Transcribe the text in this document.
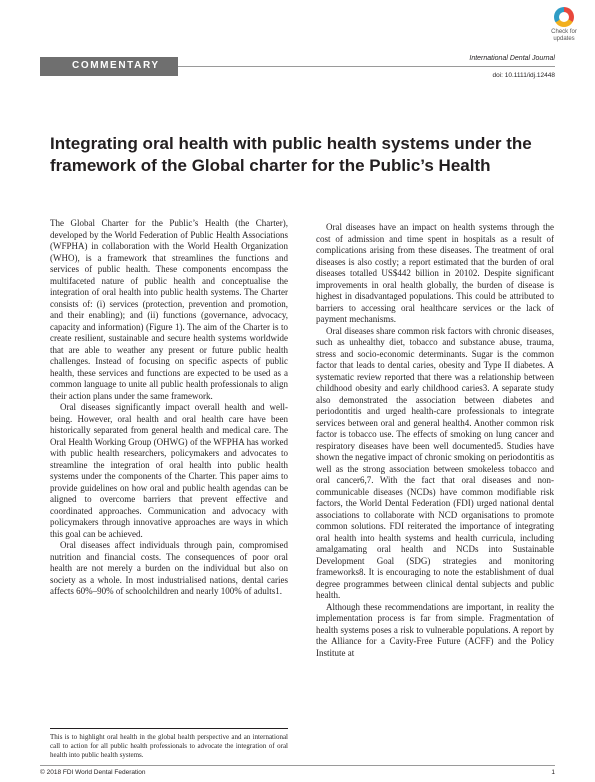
Check for
updates
COMMENTARY
International Dental Journal
doi: 10.1111/idj.12448
Integrating oral health with public health systems under the framework of the Global charter for the Public’s Health

The Global Charter for the Public’s Health (the Charter), developed by the World Federation of Public Health Associations (WFPHA) in collaboration with the World Health Organization (WHO), is a framework that streamlines the functions and services of public health. These components encompass the multifaceted nature of public health and conceptualise the integration of oral health into public health systems. The Charter consists of: (i) services (protection, prevention and promotion, and their enabling); and (ii) functions (governance, advocacy, capacity and information) (Figure 1). The aim of the Charter is to create resilient, sustainable and secure health systems worldwide that are able to weather any present or future public health challenges. Instead of focusing on specific aspects of public health, these services and functions are expected to be used as a common language to unite all public health professionals to align their action plans under the same framework.

Oral diseases significantly impact overall health and well-being. However, oral health and oral health care have been historically separated from general health and medical care. The Oral Health Working Group (OHWG) of the WFPHA has worked with public health researchers, policymakers and advocates to streamline the integration of oral health into public health systems under the components of the Charter. This paper aims to provide guidelines on how oral and public health agendas can be aligned to overcome barriers that prevent effective and coordinated approaches. Communication and advocacy with policymakers through innovative approaches are ways in which this goal can be achieved.

Oral diseases affect individuals through pain, compromised nutrition and financial costs. The consequences of poor oral health are not merely a burden on the individual but also on society as a whole. In most industrialised nations, dental caries affects 60%–90% of schoolchildren and nearly 100% of adults1.

Oral diseases have an impact on health systems through the cost of admission and time spent in hospitals as a result of complications arising from these diseases. The treatment of oral diseases is also costly; a report estimated that the burden of oral diseases totalled US$442 billion in 20102. Despite significant improvements in oral health globally, the burden of disease is highest in disadvantaged populations. This could be attributed to barriers to accessing oral healthcare services or the lack of payment mechanisms.

Oral diseases share common risk factors with chronic diseases, such as unhealthy diet, tobacco and substance abuse, trauma, stress and socio-economic determinants. Sugar is the common factor that leads to dental caries, obesity and Type II diabetes. A systematic review reported that there was a relationship between childhood obesity and early childhood caries3. A separate study also demonstrated the association between diabetes and periodontitis and urged health-care professionals to integrate services between oral and general health4. Another common risk factor is tobacco use. The effects of smoking on lung cancer and respiratory diseases have been well documented5. Studies have shown the negative impact of chronic smoking on periodontitis as well as the strong association between smokeless tobacco and oral cancer6,7. With the fact that oral diseases and non-communicable diseases (NCDs) have common modifiable risk factors, the World Dental Federation (FDI) urged national dental associations to collaborate with NCD organisations to promote common solutions. FDI reiterated the importance of integrating oral health into health systems and health curricula, including amalgamating oral health and NCDs into Sustainable Development Goal (SDG) strategies and monitoring frameworks8. It is encouraging to note the establishment of dual degree programmes between clinical dental subjects and public health.

Although these recommendations are important, in reality the implementation process is far from simple. Fragmentation of health systems poses a risk to vulnerable populations. A report by the Alliance for a Cavity-Free Future (ACFF) and the Policy Institute at

This is to highlight oral health in the global health perspective and an international call to action for all public health professionals to advocate the integration of oral health into public health systems.
© 2018 FDI World Dental Federation	1
